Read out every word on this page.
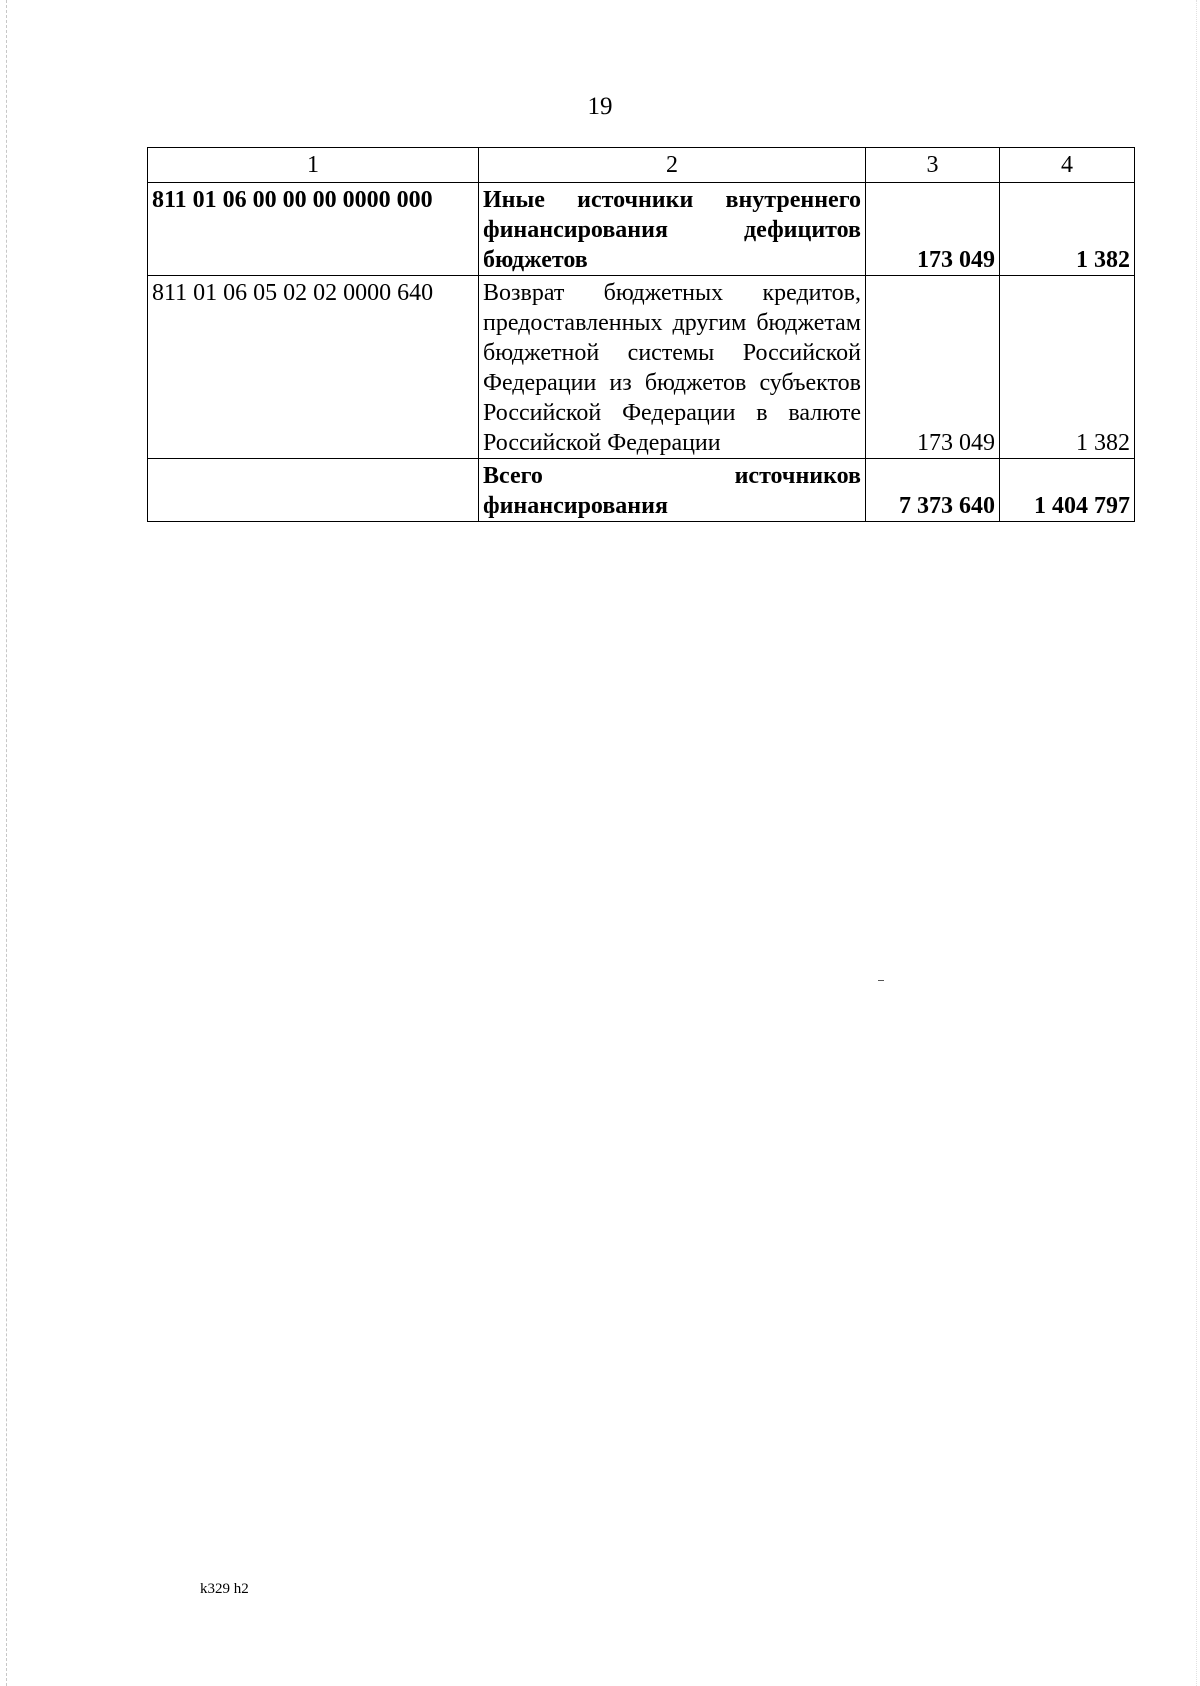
19
1	2	3	4
811 01 06 00 00 00 0000 000	Иные источники внутреннего финансирования дефицитов бюджетов	173 049	1 382
811 01 06 05 02 02 0000 640	Возврат бюджетных кредитов, предоставленных другим бюджетам бюджетной системы Российской Федерации из бюджетов субъектов Российской Федерации в валюте Российской Федерации	173 049	1 382
	Всего источников финансирования	7 373 640	1 404 797
k329 h2
